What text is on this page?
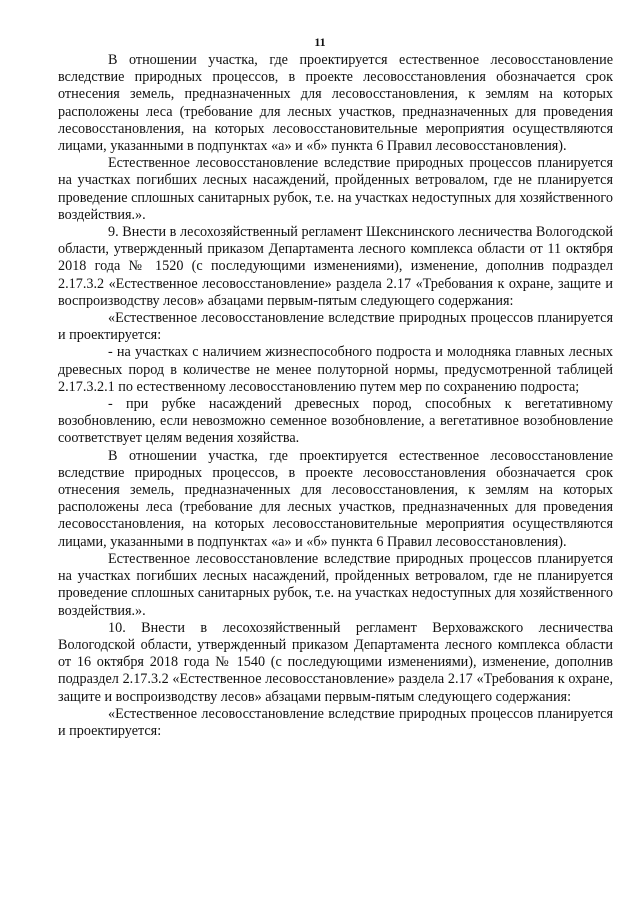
11

В отношении участка, где проектируется естественное лесовосстановление вследствие природных процессов, в проекте лесовосстановления обозначается срок отнесения земель, предназначенных для лесовосстановления, к землям на которых расположены леса (требование для лесных участков, предназначенных для проведения лесовосстановления, на которых лесовосстановительные мероприятия осуществляются лицами, указанными в подпунктах «а» и «б» пункта 6 Правил лесовосстановления).

Естественное лесовосстановление вследствие природных процессов планируется на участках погибших лесных насаждений, пройденных ветровалом, где не планируется проведение сплошных санитарных рубок, т.е. на участках недоступных для хозяйственного воздействия.».

9. Внести в лесохозяйственный регламент Шекснинского лесничества Вологодской области, утвержденный приказом Департамента лесного комплекса области от 11 октября 2018 года № 1520 (с последующими изменениями), изменение, дополнив подраздел 2.17.3.2 «Естественное лесовосстановление» раздела 2.17 «Требования к охране, защите и воспроизводству лесов» абзацами первым-пятым следующего содержания:

«Естественное лесовосстановление вследствие природных процессов планируется и проектируется:

- на участках с наличием жизнеспособного подроста и молодняка главных лесных древесных пород в количестве не менее полуторной нормы, предусмотренной таблицей 2.17.3.2.1 по естественному лесовосстановлению путем мер по сохранению подроста;

- при рубке насаждений древесных пород, способных к вегетативному возобновлению, если невозможно семенное возобновление, а вегетативное возобновление соответствует целям ведения хозяйства.

В отношении участка, где проектируется естественное лесовосстановление вследствие природных процессов, в проекте лесовосстановления обозначается срок отнесения земель, предназначенных для лесовосстановления, к землям на которых расположены леса (требование для лесных участков, предназначенных для проведения лесовосстановления, на которых лесовосстановительные мероприятия осуществляются лицами, указанными в подпунктах «а» и «б» пункта 6 Правил лесовосстановления).

Естественное лесовосстановление вследствие природных процессов планируется на участках погибших лесных насаждений, пройденных ветровалом, где не планируется проведение сплошных санитарных рубок, т.е. на участках недоступных для хозяйственного воздействия.».

10. Внести в лесохозяйственный регламент Верховажского лесничества Вологодской области, утвержденный приказом Департамента лесного комплекса области от 16 октября 2018 года № 1540 (с последующими изменениями), изменение, дополнив подраздел 2.17.3.2 «Естественное лесовосстановление» раздела 2.17 «Требования к охране, защите и воспроизводству лесов» абзацами первым-пятым следующего содержания:

«Естественное лесовосстановление вследствие природных процессов планируется и проектируется:
